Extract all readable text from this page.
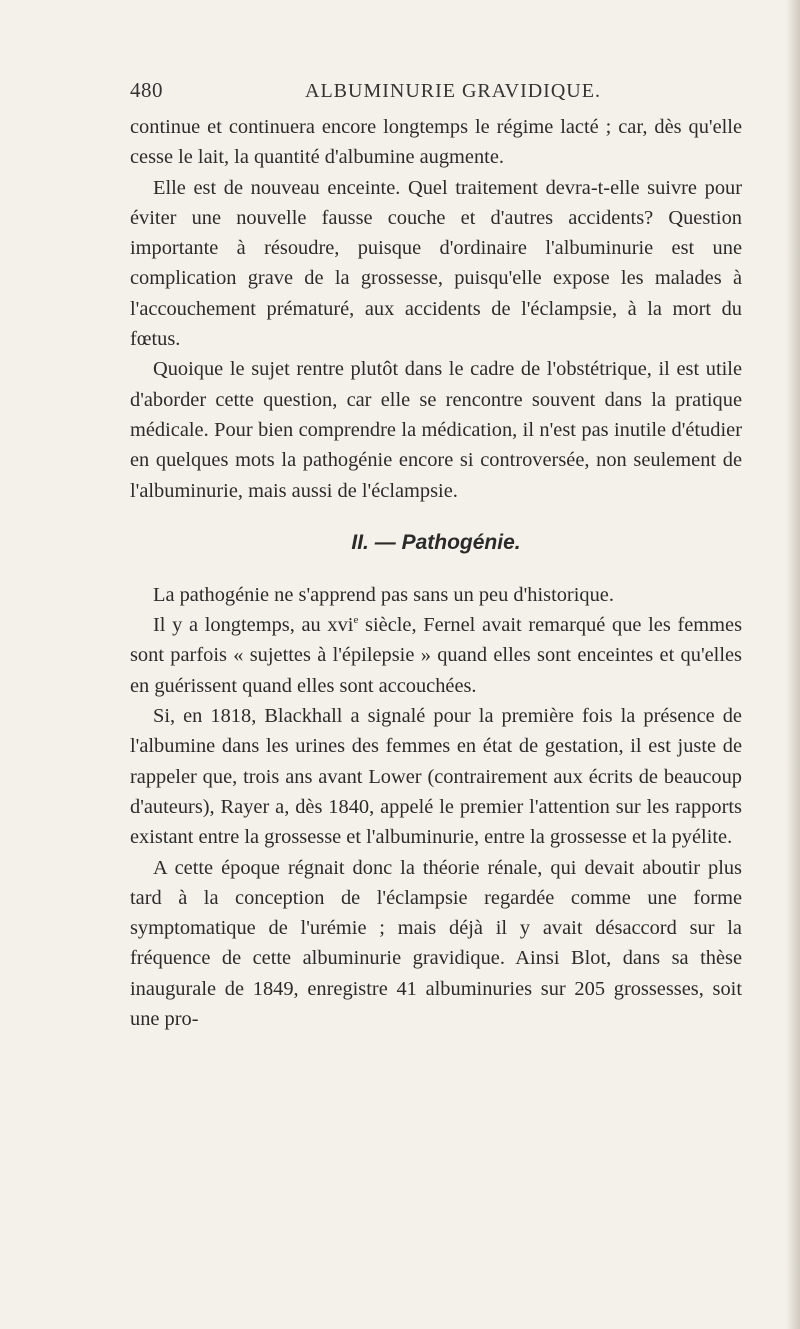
480	ALBUMINURIE GRAVIDIQUE.

continue et continuera encore longtemps le régime lacté ; car, dès qu'elle cesse le lait, la quantité d'albumine augmente.

Elle est de nouveau enceinte. Quel traitement devra-t-elle suivre pour éviter une nouvelle fausse couche et d'autres accidents? Question importante à résoudre, puisque d'ordinaire l'albuminurie est une complication grave de la grossesse, puisqu'elle expose les malades à l'accouchement prématuré, aux accidents de l'éclampsie, à la mort du fœtus.

Quoique le sujet rentre plutôt dans le cadre de l'obstétrique, il est utile d'aborder cette question, car elle se rencontre souvent dans la pratique médicale. Pour bien comprendre la médication, il n'est pas inutile d'étudier en quelques mots la pathogénie encore si controversée, non seulement de l'albuminurie, mais aussi de l'éclampsie.

II. — Pathogénie.

La pathogénie ne s'apprend pas sans un peu d'historique.

Il y a longtemps, au xvi$^e$ siècle, Fernel avait remarqué que les femmes sont parfois « sujettes à l'épilepsie » quand elles sont enceintes et qu'elles en guérissent quand elles sont accouchées.

Si, en 1818, Blackhall a signalé pour la première fois la présence de l'albumine dans les urines des femmes en état de gestation, il est juste de rappeler que, trois ans avant Lower (contrairement aux écrits de beaucoup d'auteurs), Rayer a, dès 1840, appelé le premier l'attention sur les rapports existant entre la grossesse et l'albuminurie, entre la grossesse et la pyélite.

A cette époque régnait donc la théorie rénale, qui devait aboutir plus tard à la conception de l'éclampsie regardée comme une forme symptomatique de l'urémie ; mais déjà il y avait désaccord sur la fréquence de cette albuminurie gravidique. Ainsi Blot, dans sa thèse inaugurale de 1849, enregistre 41 albuminuries sur 205 grossesses, soit une pro-
